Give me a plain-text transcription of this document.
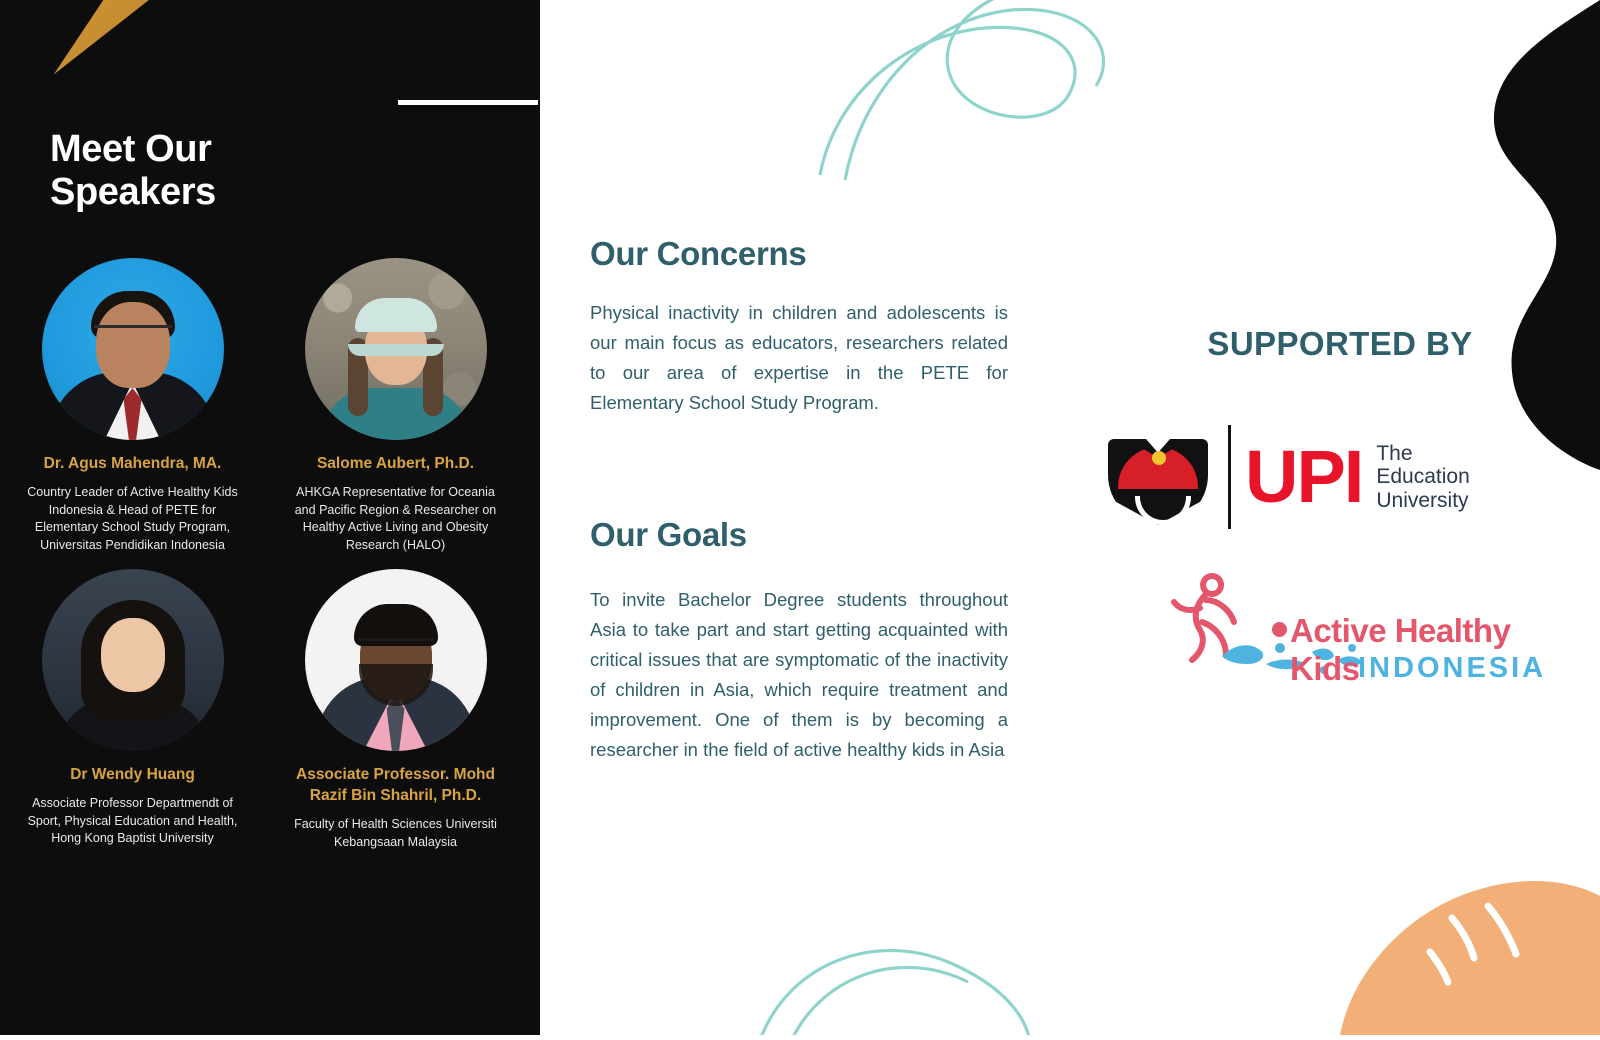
Meet Our
Speakers
Dr. Agus Mahendra, MA.
Country Leader of Active Healthy Kids Indonesia & Head of PETE for Elementary School Study Program, Universitas Pendidikan Indonesia
Salome Aubert, Ph.D.
AHKGA Representative for Oceania and Pacific Region & Researcher on Healthy Active Living and Obesity Research (HALO)
Dr Wendy Huang
Associate Professor Departmendt of Sport, Physical Education and Health, Hong Kong Baptist University
Associate Professor. Mohd Razif Bin Shahril, Ph.D.
Faculty of Health Sciences Universiti Kebangsaan Malaysia
Our Concerns
Physical inactivity in children and adolescents is our main focus as educators, researchers related to our area of expertise in the PETE for Elementary School Study Program.
Our Goals
To invite Bachelor Degree students throughout Asia to take part and start getting acquainted with critical issues that are symptomatic of the inactivity of children in Asia, which require treatment and improvement. One of them is by becoming a researcher in the field of active healthy kids in Asia
SUPPORTED BY
UPI The
Education
University
Active Healthy Kids
INDONESIA
